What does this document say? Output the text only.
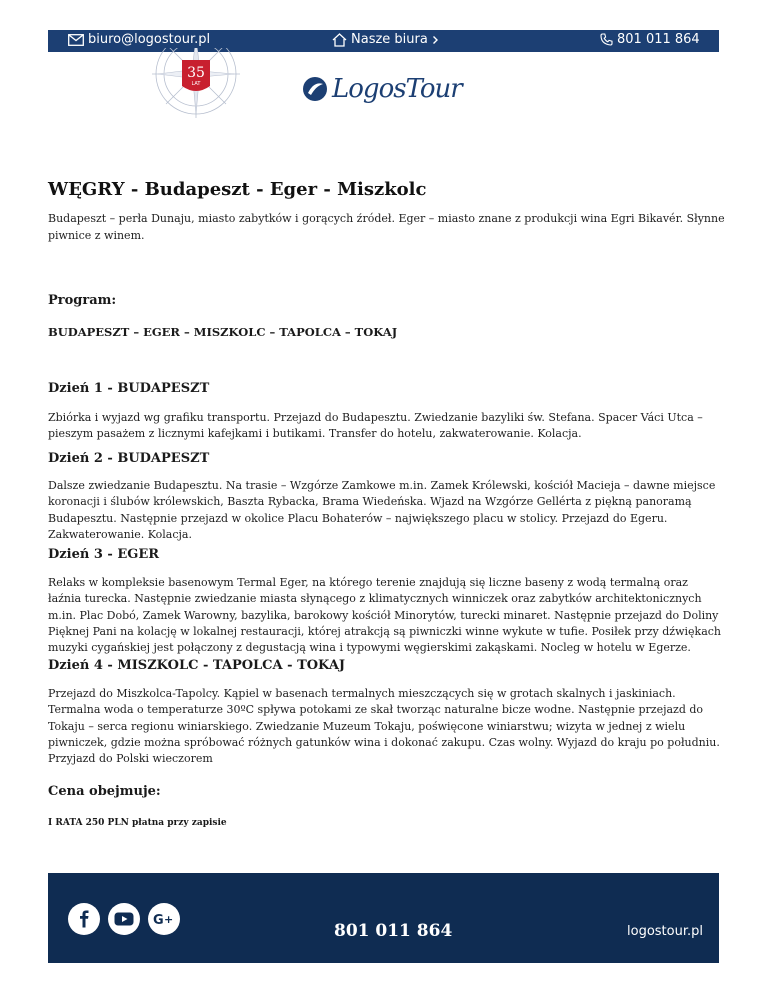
biuro@logostour.pl	Nasze biura	801 011 864
35
LAT	LogosTour
WĘGRY - Budapeszt - Eger - Miszkolc

Budapeszt – perła Dunaju, miasto zabytków i gorących źródeł. Eger – miasto znane z produkcji wina Egri Bikavér. Słynne piwnice z winem.

Program:

BUDAPESZT – EGER – MISZKOLC – TAPOLCA – TOKAJ

Dzień 1 - BUDAPESZT

Zbiórka i wyjazd wg grafiku transportu. Przejazd do Budapesztu. Zwiedzanie bazyliki św. Stefana. Spacer Váci Utca – pieszym pasażem z licznymi kafejkami i butikami. Transfer do hotelu, zakwaterowanie. Kolacja.

Dzień 2 - BUDAPESZT

Dalsze zwiedzanie Budapesztu. Na trasie – Wzgórze Zamkowe m.in. Zamek Królewski, kościół Macieja – dawne miejsce koronacji i ślubów królewskich, Baszta Rybacka, Brama Wiedeńska. Wjazd na Wzgórze Gellérta z piękną panoramą Budapesztu. Następnie przejazd w okolice Placu Bohaterów – największego placu w stolicy. Przejazd do Egeru. Zakwaterowanie. Kolacja.

Dzień 3 - EGER

Relaks w kompleksie basenowym Termal Eger, na którego terenie znajdują się liczne baseny z wodą termalną oraz łaźnia turecka. Następnie zwiedzanie miasta słynącego z klimatycznych winniczek oraz zabytków architektonicznych m.in. Plac Dobó, Zamek Warowny, bazylika, barokowy kościół Minorytów, turecki minaret. Następnie przejazd do Doliny Pięknej Pani na kolację w lokalnej restauracji, której atrakcją są piwniczki winne wykute w tufie. Posiłek przy dźwiękach muzyki cygańskiej jest połączony z degustacją wina i typowymi węgierskimi zakąskami. Nocleg w hotelu w Egerze.

Dzień 4 - MISZKOLC - TAPOLCA - TOKAJ

Przejazd do Miszkolca-Tapolcy. Kąpiel w basenach termalnych mieszczących się w grotach skalnych i jaskiniach. Termalna woda o temperaturze 30ºC spływa potokami ze skał tworząc naturalne bicze wodne. Następnie przejazd do Tokaju – serca regionu winiarskiego. Zwiedzanie Muzeum Tokaju, poświęcone winiarstwu; wizyta w jednej z wielu piwniczek, gdzie można spróbować różnych gatunków wina i dokonać zakupu. Czas wolny. Wyjazd do kraju po południu. Przyjazd do Polski wieczorem

Cena obejmuje:

I RATA 250 PLN płatna przy zapisie

G +
801 011 864	logostour.pl
